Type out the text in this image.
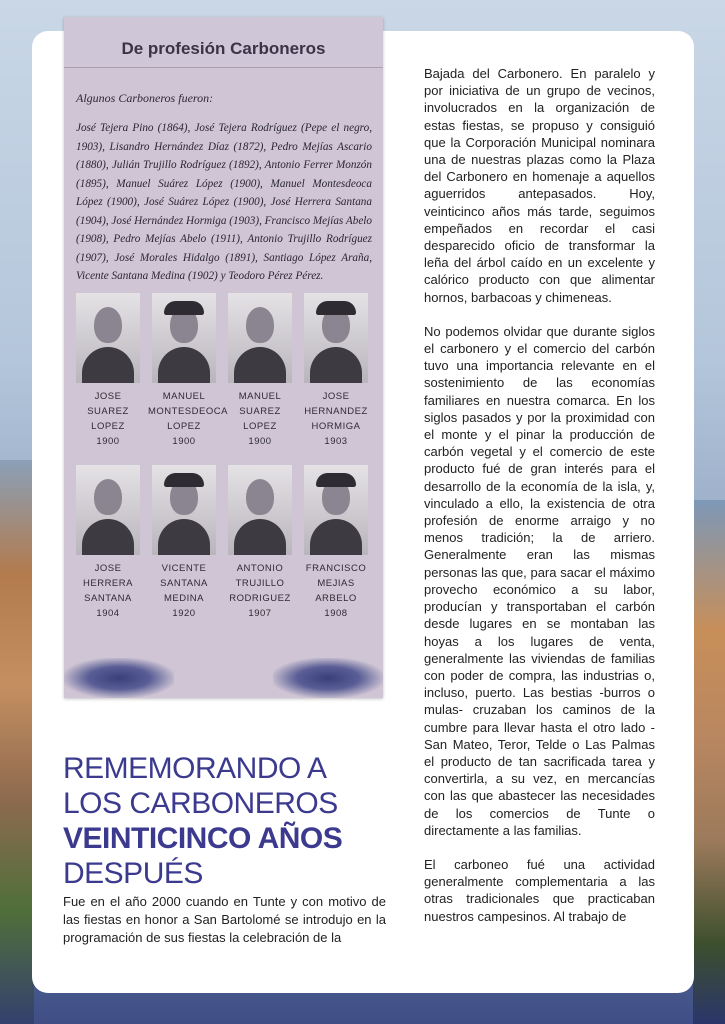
De profesión Carboneros
Algunos Carboneros fueron:
José Tejera Pino (1864), José Tejera Rodríguez (Pepe el negro, 1903), Lisandro Hernández Díaz (1872), Pedro Mejías Ascario (1880), Julián Trujillo Rodríguez (1892), Antonio Ferrer Monzón (1895), Manuel Suárez López (1900), Manuel Montesdeoca López (1900), José Suárez López (1900), José Herrera Santana (1904), José Hernández Hormiga (1903), Francisco Mejías Abelo (1908), Pedro Mejías Abelo (1911), Antonio Trujillo Rodríguez (1907), José Morales Hidalgo (1891), Santiago López Araña, Vicente Santana Medina (1902) y Teodoro Pérez Pérez.
JOSE
SUAREZ
LOPEZ
1900
MANUEL
MONTESDEOCA
LOPEZ
1900
MANUEL
SUAREZ
LOPEZ
1900
JOSE
HERNANDEZ
HORMIGA
1903
JOSE
HERRERA
SANTANA
1904
VICENTE
SANTANA
MEDINA
1920
ANTONIO
TRUJILLO
RODRIGUEZ
1907
FRANCISCO
MEJIAS
ARBELO
1908
REMEMORANDO A
LOS CARBONEROS
VEINTICINCO AÑOS
DESPUÉS
Fue en el año 2000 cuando en Tunte y con motivo de las fiestas en honor a San Bartolomé se introdujo en la programación de sus fiestas la celebración de la

Bajada del Carbonero. En paralelo y por iniciativa de un grupo de vecinos, involucrados en la organización de estas fiestas, se propuso y consiguió que la Corporación Municipal nominara una de nuestras plazas como la Plaza del Carbonero en homenaje a aquellos aguerridos antepasados. Hoy, veinticinco años más tarde, seguimos empeñados en recordar el casi desparecido oficio de transformar la leña del árbol caído en un excelente y calórico producto con que alimentar hornos, barbacoas y chimeneas.

No podemos olvidar que durante siglos el carbonero y el comercio del carbón tuvo una importancia relevante en el sostenimiento de las economías familiares en nuestra comarca. En los siglos pasados y por la proximidad con el monte y el pinar la producción de carbón vegetal y el comercio de este producto fué de gran interés para el desarrollo de la economía de la isla, y, vinculado a ello, la existencia de otra profesión de enorme arraigo y no menos tradición; la de arriero. Generalmente eran las mismas personas las que, para sacar el máximo provecho económico a su labor, producían y transportaban el carbón desde lugares en se montaban las hoyas a los lugares de venta, generalmente las viviendas de familias con poder de compra, las industrias o, incluso, puerto. Las bestias -burros o mulas- cruzaban los caminos de la cumbre para llevar hasta el otro lado -San Mateo, Teror, Telde o Las Palmas el producto de tan sacrificada tarea y convertirla, a su vez, en mercancías con las que abastecer las necesidades de los comercios de Tunte o directamente a las familias.

El carboneo fué una actividad generalmente complementaria a las otras tradicionales que practicaban nuestros campesinos. Al trabajo de
